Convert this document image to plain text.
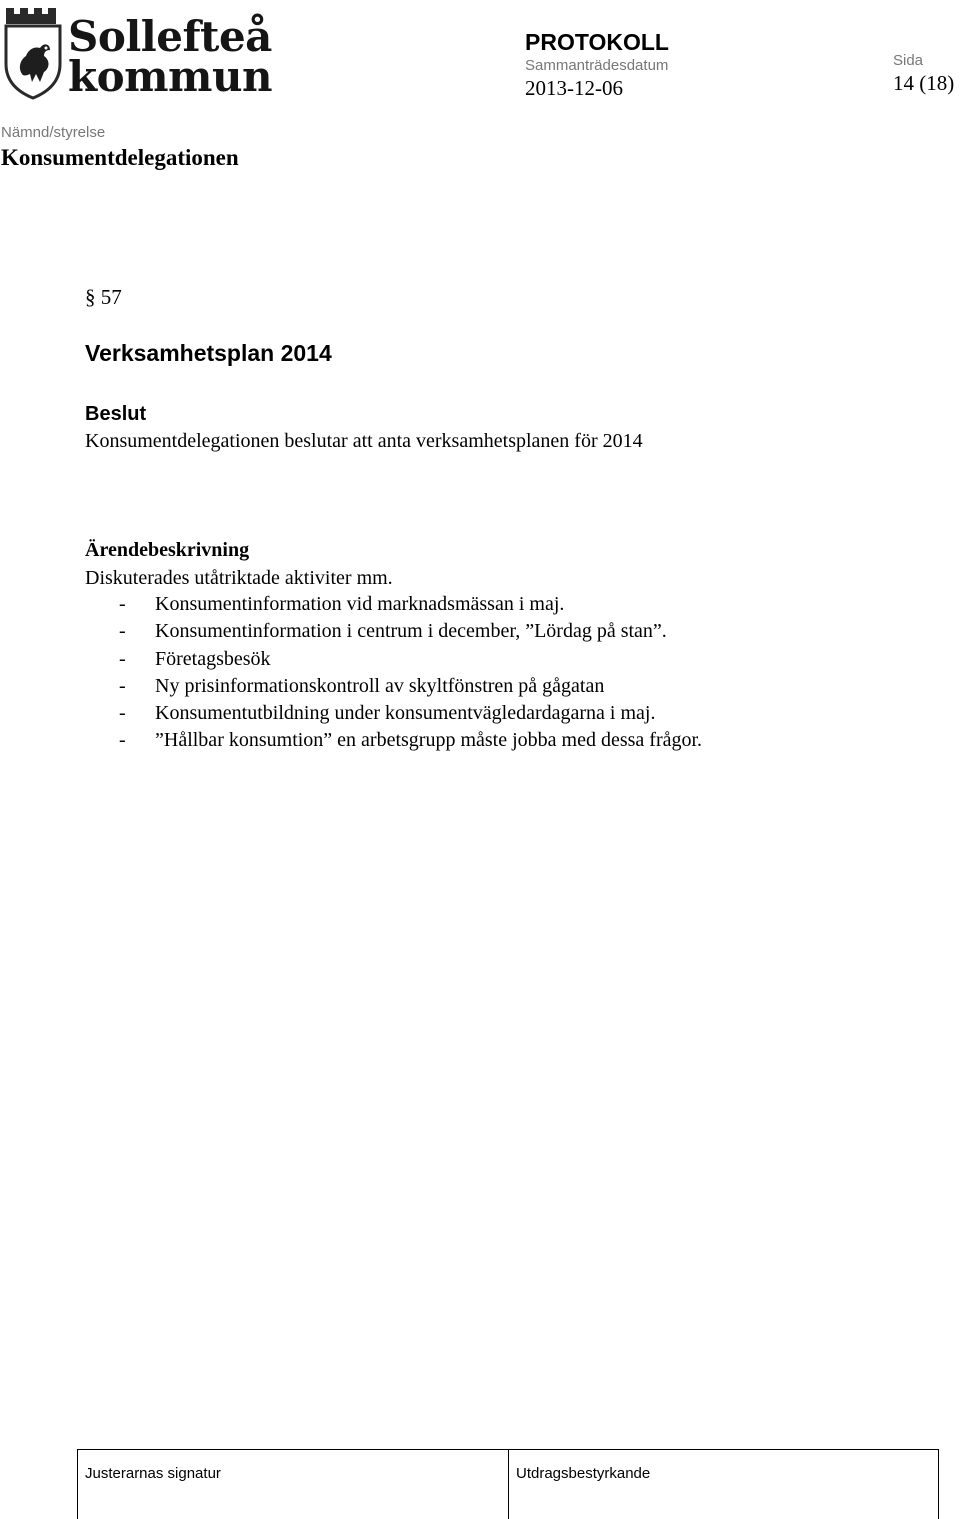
Sollefteå
kommun
PROTOKOLL
Sammanträdesdatum
2013-12-06
Sida
14 (18)
Nämnd/styrelse
Konsumentdelegationen
§ 57
Verksamhetsplan 2014
Beslut
Konsumentdelegationen beslutar att anta verksamhetsplanen för 2014
Ärendebeskrivning
Diskuterades utåtriktade aktiviter mm.
-	Konsumentinformation vid marknadsmässan i maj.
-	Konsumentinformation i centrum i december, ”Lördag på stan”.
-	Företagsbesök
-	Ny prisinformationskontroll av skyltfönstren på gågatan
-	Konsumentutbildning under konsumentvägledardagarna i maj.
-	”Hållbar konsumtion” en arbetsgrupp måste jobba med dessa frågor.
Justerarnas signatur	Utdragsbestyrkande
